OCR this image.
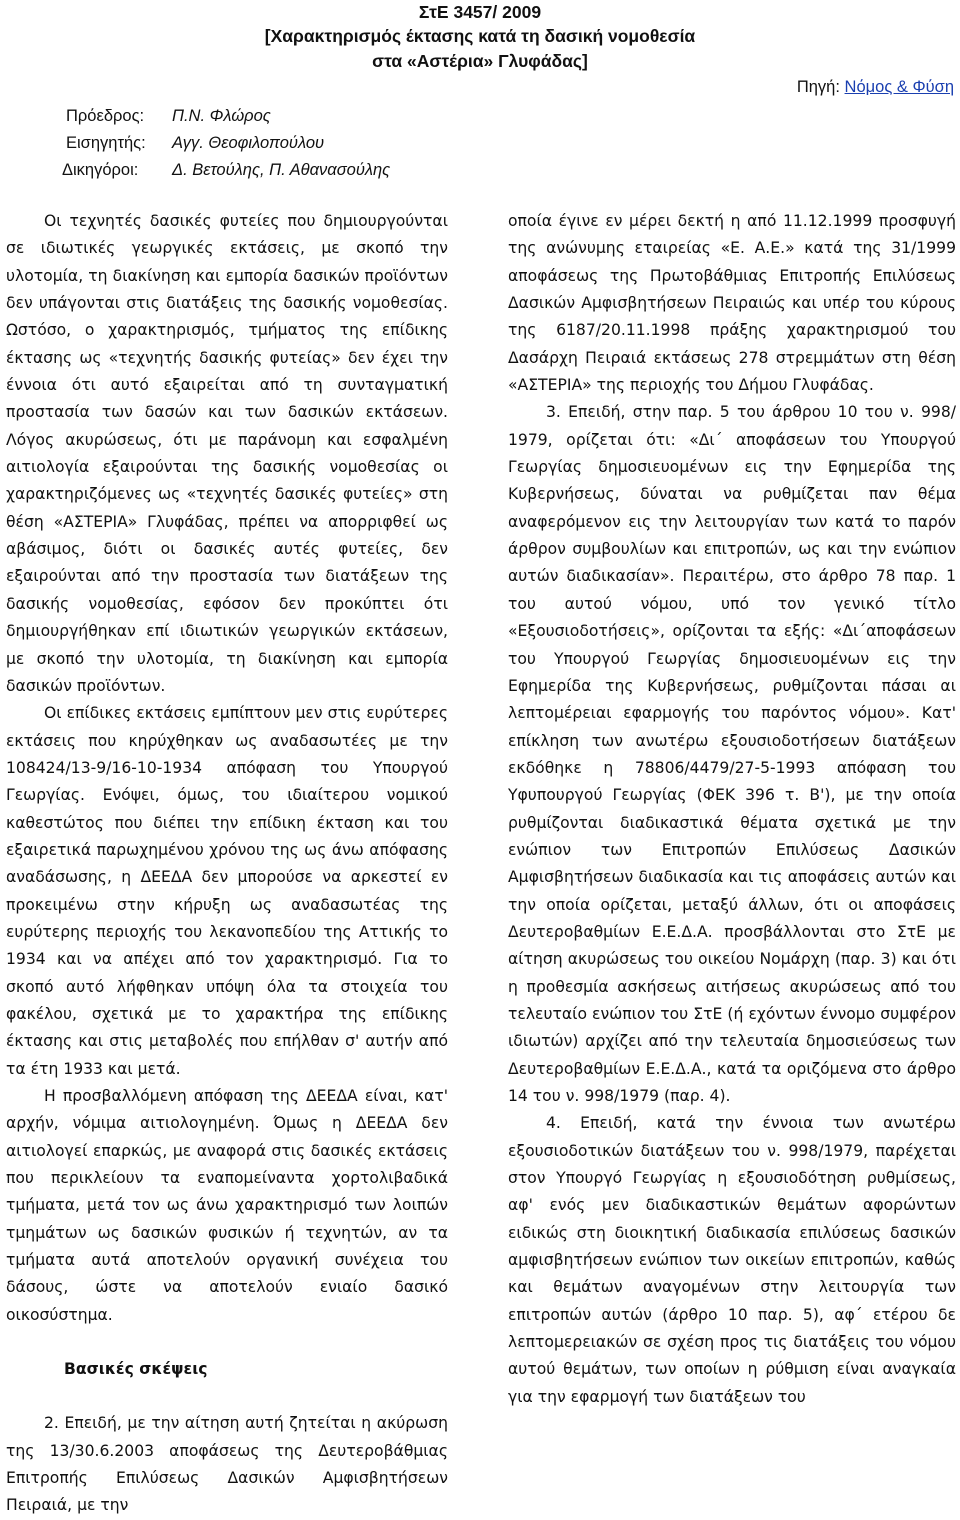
ΣτΕ 3457/ 2009
[Χαρακτηρισμός έκτασης κατά τη δασική νομοθεσία
στα «Αστέρια» Γλυφάδας]
Πηγή: Νόμος & Φύση
Πρόεδρος: Π.Ν. Φλώρος
Εισηγητής: Αγγ. Θεοφιλοπούλου
Δικηγόροι: Δ. Βετούλης, Π. Αθανασούλης

Οι τεχνητές δασικές φυτείες που δημιουργούνται σε ιδιωτικές γεωργικές εκτάσεις, με σκοπό την υλοτομία, τη διακίνηση και εμπορία δασικών προϊόντων δεν υπάγονται στις διατάξεις της δασικής νομοθεσίας. Ωστόσο, ο χαρακτηρισμός, τμήματος της επίδικης έκτασης ως «τεχνητής δασικής φυτείας» δεν έχει την έννοια ότι αυτό εξαιρείται από τη συνταγματική προστασία των δασών και των δασικών εκτάσεων. Λόγος ακυρώσεως, ότι με παράνομη και εσφαλμένη αιτιολογία εξαιρούνται της δασικής νομοθεσίας οι χαρακτηριζόμενες ως «τεχνητές δασικές φυτείες» στη θέση «ΑΣΤΕΡΙΑ» Γλυφάδας, πρέπει να απορριφθεί ως αβάσιμος, διότι οι δασικές αυτές φυτείες, δεν εξαιρούνται από την προστασία των διατάξεων της δασικής νομοθεσίας, εφόσον δεν προκύπτει ότι δημιουργήθηκαν επί ιδιωτικών γεωργικών εκτάσεων, με σκοπό την υλοτομία, τη διακίνηση και εμπορία δασικών προϊόντων.

Οι επίδικες εκτάσεις εμπίπτουν μεν στις ευρύτερες εκτάσεις που κηρύχθηκαν ως αναδασωτέες με την 108424/13-9/16-10-1934 απόφαση του Υπουργού Γεωργίας. Ενόψει, όμως, του ιδιαίτερου νομικού καθεστώτος που διέπει την επίδικη έκταση και του εξαιρετικά παρωχημένου χρόνου της ως άνω απόφασης αναδάσωσης, η ΔΕΕΔΑ δεν μπορούσε να αρκεστεί εν προκειμένω στην κήρυξη ως αναδασωτέας της ευρύτερης περιοχής του λεκανοπεδίου της Αττικής το 1934 και να απέχει από τον χαρακτηρισμό. Για το σκοπό αυτό λήφθηκαν υπόψη όλα τα στοιχεία του φακέλου, σχετικά με το χαρακτήρα της επίδικης έκτασης και στις μεταβολές που επήλθαν σ' αυτήν από τα έτη 1933 και μετά.

Η προσβαλλόμενη απόφαση της ΔΕΕΔΑ είναι, κατ' αρχήν, νόμιμα αιτιολογημένη. Όμως η ΔΕΕΔΑ δεν αιτιολογεί επαρκώς, με αναφορά στις δασικές εκτάσεις που περικλείουν τα εναπομείναντα χορτολιβαδικά τμήματα, μετά τον ως άνω χαρακτηρισμό των λοιπών τμημάτων ως δασικών φυσικών ή τεχνητών, αν τα τμήματα αυτά αποτελούν οργανική συνέχεια του δάσους, ώστε να αποτελούν ενιαίο δασικό οικοσύστημα.

Βασικές σκέψεις

2. Επειδή, με την αίτηση αυτή ζητείται η ακύρωση της 13/30.6.2003 αποφάσεως της Δευτεροβάθμιας Επιτροπής Επιλύσεως Δασικών Αμφισβητήσεων Πειραιά, με την

οποία έγινε εν μέρει δεκτή η από 11.12.1999 προσφυγή της ανώνυμης εταιρείας «Ε. Α.Ε.» κατά της 31/1999 αποφάσεως της Πρωτοβάθμιας Επιτροπής Επιλύσεως Δασικών Αμφισβητήσεων Πειραιώς και υπέρ του κύρους της 6187/20.11.1998 πράξης χαρακτηρισμού του Δασάρχη Πειραιά εκτάσεως 278 στρεμμάτων στη θέση «ΑΣΤΕΡΙΑ» της περιοχής του Δήμου Γλυφάδας.

3. Επειδή, στην παρ. 5 του άρθρου 10 του ν. 998/ 1979, ορίζεται ότι: «Δι΄ αποφάσεων του Υπουργού Γεωργίας δημοσιευομένων εις την Εφημερίδα της Κυβερνήσεως, δύναται να ρυθμίζεται παν θέμα αναφερόμενον εις την λειτουργίαν των κατά το παρόν άρθρον συμβουλίων και επιτροπών, ως και την ενώπιον αυτών διαδικασίαν». Περαιτέρω, στο άρθρο 78 παρ. 1 του αυτού νόμου, υπό τον γενικό τίτλο «Εξουσιοδοτήσεις», ορίζονται τα εξής: «Δι΄αποφάσεων του Υπουργού Γεωργίας δημοσιευομένων εις την Εφημερίδα της Κυβερνήσεως, ρυθμίζονται πάσαι αι λεπτομέρειαι εφαρμογής του παρόντος νόμου». Κατ' επίκληση των ανωτέρω εξουσιοδοτήσεων διατάξεων εκδόθηκε η 78806/4479/27-5-1993 απόφαση του Υφυπουργού Γεωργίας (ΦΕΚ 396 τ. Β'), με την οποία ρυθμίζονται διαδικαστικά θέματα σχετικά με την ενώπιον των Επιτροπών Επιλύσεως Δασικών Αμφισβητήσεων διαδικασία και τις αποφάσεις αυτών και την οποία ορίζεται, μεταξύ άλλων, ότι οι αποφάσεις Δευτεροβαθμίων Ε.Ε.Δ.Α. προσβάλλονται στο ΣτΕ με αίτηση ακυρώσεως του οικείου Νομάρχη (παρ. 3) και ότι η προθεσμία ασκήσεως αιτήσεως ακυρώσεως από του τελευταίο ενώπιον του ΣτΕ (ή εχόντων έννομο συμφέρον ιδιωτών) αρχίζει από την τελευταία δημοσιεύσεως των Δευτεροβαθμίων Ε.Ε.Δ.Α., κατά τα οριζόμενα στο άρθρο 14 του ν. 998/1979 (παρ. 4).

4. Επειδή, κατά την έννοια των ανωτέρω εξουσιοδοτικών διατάξεων του ν. 998/1979, παρέχεται στον Υπουργό Γεωργίας η εξουσιοδότηση ρυθμίσεως, αφ' ενός μεν διαδικαστικών θεμάτων αφορώντων ειδικώς στη διοικητική διαδικασία επιλύσεως δασικών αμφισβητήσεων ενώπιον των οικείων επιτροπών, καθώς και θεμάτων αναγομένων στην λειτουργία των επιτροπών αυτών (άρθρο 10 παρ. 5), αφ΄ ετέρου δε λεπτομερειακών σε σχέση προς τις διατάξεις του νόμου αυτού θεμάτων, των οποίων η ρύθμιση είναι αναγκαία για την εφαρμογή των διατάξεων του
